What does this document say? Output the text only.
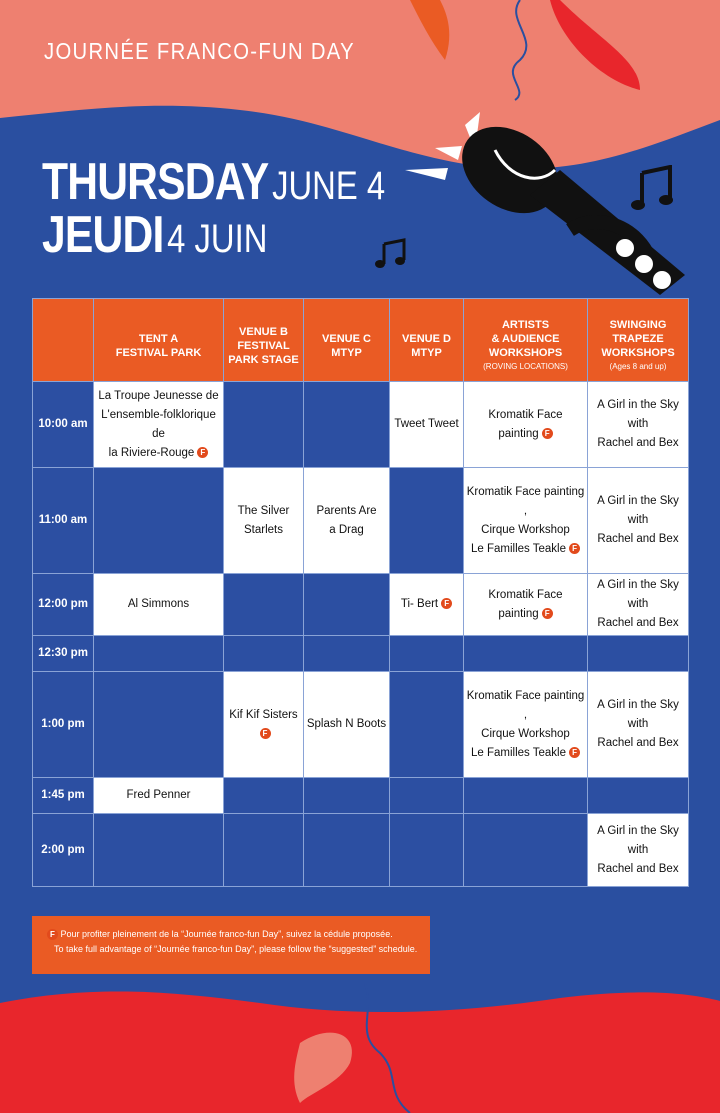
JOURNÉE FRANCO-FUN DAY
THURSDAY JUNE 4
JEUDI 4 JUIN

	TENT A
FESTIVAL PARK	VENUE B
FESTIVAL
PARK STAGE	VENUE C
MTYP	VENUE D
MTYP	ARTISTS
& AUDIENCE
WORKSHOPS
(ROVING LOCATIONS)	SWINGING
TRAPEZE
WORKSHOPS
(Ages 8 and up)

10:00 am	La Troupe Jeunesse de
L'ensemble-folklorique de
la Riviere-Rouge F			Tweet Tweet	Kromatik Face
painting F	A Girl in the Sky with
Rachel and Bex

11:00 am		The Silver
Starlets	Parents Are
a Drag		Kromatik Face painting ,
Cirque Workshop
Le Familles Teakle F	A Girl in the Sky with
Rachel and Bex

12:00 pm	Al Simmons			Ti- Bert F	Kromatik Face
painting F	A Girl in the Sky with
Rachel and Bex

12:30 pm						
1:00 pm		Kif Kif Sisters
F	Splash N Boots		Kromatik Face painting ,
Cirque Workshop
Le Familles Teakle F	A Girl in the Sky with
Rachel and Bex

1:45 pm	Fred Penner					

2:00 pm						A Girl in the Sky with
Rachel and Bex
F Pour profiter pleinement de la “Journée franco-fun Day”, suivez la cédule proposée.
To take full advantage of “Journée franco-fun Day”, please follow the “suggested” schedule.
